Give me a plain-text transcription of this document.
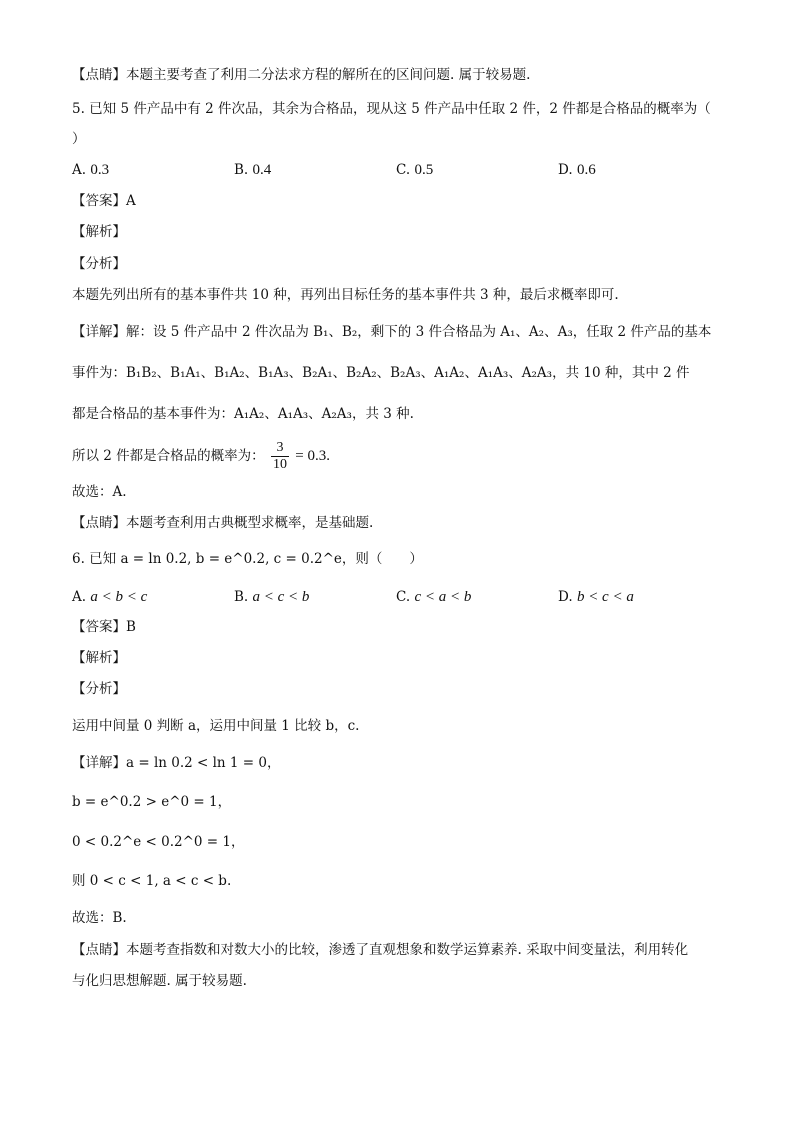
【点睛】本题主要考查了利用二分法求方程的解所在的区间问题. 属于较易题.
5. 已知 5 件产品中有 2 件次品，其余为合格品，现从这 5 件产品中任取 2 件，2 件都是合格品的概率为（
）
A. 0.3	B. 0.4	C. 0.5	D. 0.6
【答案】A
【解析】
【分析】
本题先列出所有的基本事件共 10 种，再列出目标任务的基本事件共 3 种，最后求概率即可.
【详解】解：设 5 件产品中 2 件次品为 B₁、B₂，剩下的 3 件合格品为 A₁、A₂、A₃，任取 2 件产品的基本
事件为：B₁B₂、B₁A₁、B₁A₂、B₁A₃、B₂A₁、B₂A₂、B₂A₃、A₁A₂、A₁A₃、A₂A₃，共 10 种，其中 2 件
都是合格品的基本事件为：A₁A₂、A₁A₃、A₂A₃，共 3 种.
所以 2 件都是合格品的概率为： $\frac{3}{10} = 0.3$.
故选：A.
【点睛】本题考查利用古典概型求概率，是基础题.
6. 已知 a = ln 0.2, b = e^0.2, c = 0.2^e，则（　　）
A. a < b < c	B. a < c < b	C. c < a < b	D. b < c < a
【答案】B
【解析】
【分析】
运用中间量 0 判断 a，运用中间量 1 比较 b，c.
【详解】a = ln 0.2 < ln 1 = 0，
b = e^0.2 > e^0 = 1，
0 < 0.2^e < 0.2^0 = 1，
则 0 < c < 1, a < c < b.
故选：B.
【点睛】本题考查指数和对数大小的比较，渗透了直观想象和数学运算素养. 采取中间变量法，利用转化
与化归思想解题. 属于较易题.
